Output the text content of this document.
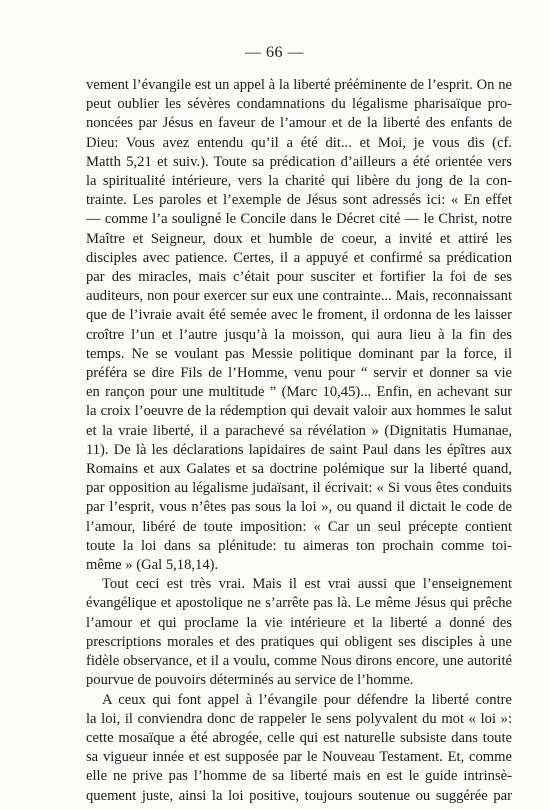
— 66 —
vement l’évangile est un appel à la liberté prééminente de l’esprit. On ne
peut oublier les sévères condamnations du légalisme pharisaïque pro-
noncées par Jésus en faveur de l’amour et de la liberté des enfants de
Dieu: Vous avez entendu qu’il a été dit... et Moi, je vous dis (cf.
Matth 5,21 et suiv.). Toute sa prédication d’ailleurs a été orientée vers
la spiritualité intérieure, vers la charité qui libère du jong de la con-
trainte. Les paroles et l’exemple de Jésus sont adressés ici: « En effet
— comme l’a souligné le Concile dans le Décret cité — le Christ, notre
Maître et Seigneur, doux et humble de coeur, a invité et attiré les
disciples avec patience. Certes, il a appuyé et confirmé sa prédication
par des miracles, mais c’était pour susciter et fortifier la foi de ses
auditeurs, non pour exercer sur eux une contrainte... Mais, reconnaissant
que de l’ivraie avait été semée avec le froment, il ordonna de les laisser
croître l’un et l’autre jusqu’à la moisson, qui aura lieu à la fin des
temps. Ne se voulant pas Messie politique dominant par la force, il
préféra se dire Fils de l’Homme, venu pour “ servir et donner sa vie
en rançon pour une multitude ” (Marc 10,45)... Enfin, en achevant sur
la croix l’oeuvre de la rédemption qui devait valoir aux hommes le salut
et la vraie liberté, il a parachevé sa révélation » (Dignitatis Humanae,
11). De là les déclarations lapidaires de saint Paul dans les épîtres aux
Romains et aux Galates et sa doctrine polémique sur la liberté quand,
par opposition au légalisme judaïsant, il écrivait: « Si vous êtes conduits
par l’esprit, vous n’êtes pas sous la loi », ou quand il dictait le code de
l’amour, libéré de toute imposition: « Car un seul précepte contient
toute la loi dans sa plénitude: tu aimeras ton prochain comme toi-
même » (Gal 5,18,14).
Tout ceci est très vrai. Mais il est vrai aussi que l’enseignement
évangélique et apostolique ne s’arrête pas là. Le même Jésus qui prêche
l’amour et qui proclame la vie intérieure et la liberté a donné des
prescriptions morales et des pratiques qui obligent ses disciples à une
fidèle observance, et il a voulu, comme Nous dirons encore, une autorité
pourvue de pouvoirs déterminés au service de l’homme.
A ceux qui font appel à l’évangile pour défendre la liberté contre
la loi, il conviendra donc de rappeler le sens polyvalent du mot « loi »:
cette mosaïque a été abrogée, celle qui est naturelle subsiste dans toute
sa vigueur innée et est supposée par le Nouveau Testament. Et, comme
elle ne prive pas l’homme de sa liberté mais en est le guide intrinsè-
quement juste, ainsi la loi positive, toujours soutenue ou suggérée par
